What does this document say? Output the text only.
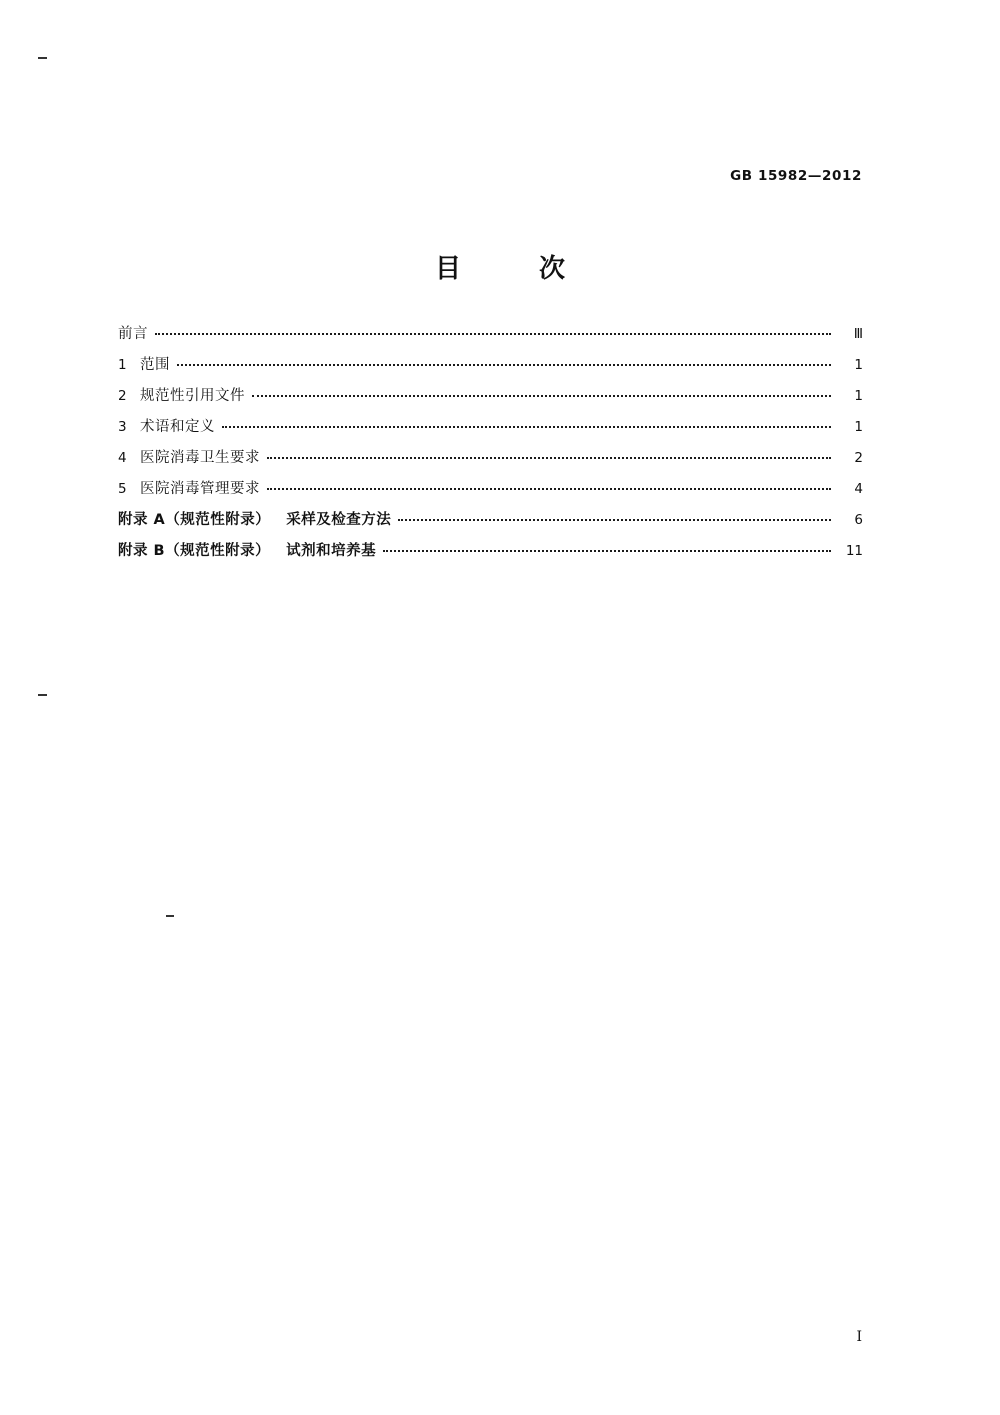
GB 15982—2012
目　次
前言	Ⅲ
1 范围	1
2 规范性引用文件	1
3 术语和定义	1
4 医院消毒卫生要求	2
5 医院消毒管理要求	4
附录 A（规范性附录）	采样及检查方法	6
附录 B（规范性附录）	试剂和培养基	11
I
